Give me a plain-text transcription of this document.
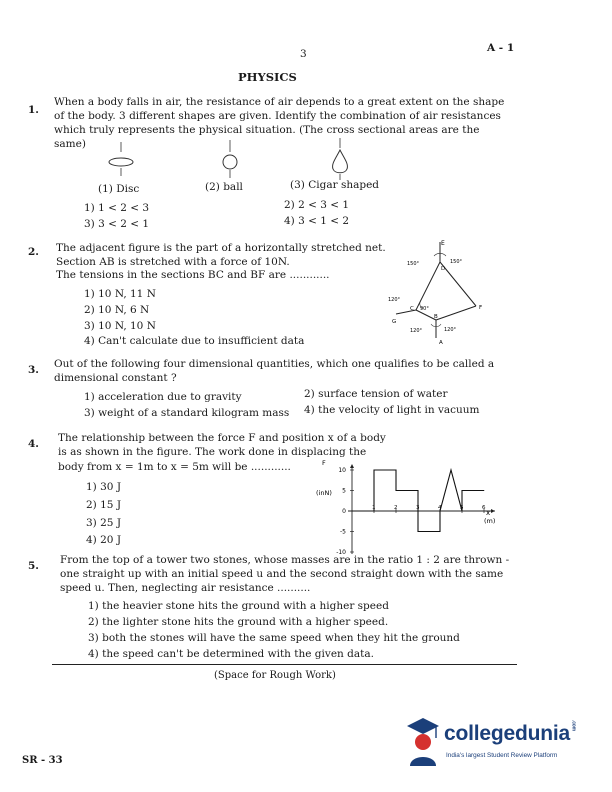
3	A - 1
PHYSICS
1.
When a body falls in air, the resistance of air depends to a great extent on the shape of the body. 3 different shapes are given. Identify the combination of air resistances which truly represents the physical situation. (The cross sectional areas are the same)
(1) Disc	(2) ball	(3) Cigar shaped
1) 1 < 2 < 3	2) 2 < 3 < 1
3) 3 < 2 < 1	4) 3 < 1 < 2
2. The adjacent figure is the part of a horizontally stretched net.
Section AB is stretched with a force of 10N.
The tensions in the sections BC and BF are ............
1) 10 N, 11 N
2) 10 N, 6 N
3) 10 N, 10 N
4) Can't calculate due to insufficient data
E
D
150°	150°
120°
C 90°
G
B
F
120°	120°
A
3. Out of the following four dimensional quantities, which one qualifies to be called a dimensional constant ?
1) acceleration due to gravity	2) surface tension of water
3) weight of a standard kilogram mass 4) the velocity of light in vacuum
4. The relationship between the force F and position x of a body
is as shown in the figure. The work done in displacing the
body from x = 1m to x = 5m will be ............
1) 30 J
2) 15 J
3) 25 J
4) 20 J
10
5
0
-5
-10
1	2	3	4	5	6
F
(inN)
x
(m)
5. From the top of a tower two stones, whose masses are in the ratio 1 : 2 are thrown - one straight up with an initial speed u and the second straight down with the same speed u. Then, neglecting air resistance ..........
1) the heavier stone hits the ground with a higher speed
2) the lighter stone hits the ground with a higher speed.
3) both the stones will have the same speed when they hit the ground
4) the speed can't be determined with the given data.
(Space for Rough Work)
SR - 33
collegedunia.com
India's largest Student Review Platform
